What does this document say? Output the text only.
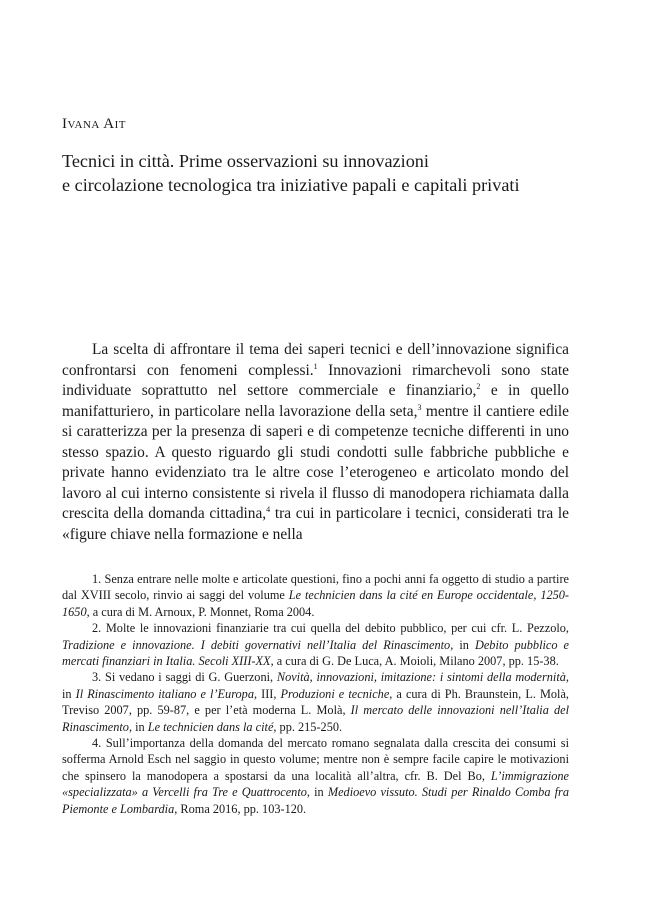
Ivana Ait

Tecnici in città. Prime osservazioni su innovazioni
e circolazione tecnologica tra iniziative papali e capitali privati

La scelta di affrontare il tema dei saperi tecnici e dell’innovazione significa confrontarsi con fenomeni complessi.$^1$ Innovazioni rimarchevoli sono state individuate soprattutto nel settore commerciale e finanziario,$^2$ e in quello manifatturiero, in particolare nella lavorazione della seta,$^3$ mentre il cantiere edile si caratterizza per la presenza di saperi e di competenze tecniche differenti in uno stesso spazio. A questo riguardo gli studi condotti sulle fabbriche pubbliche e private hanno evidenziato tra le altre cose l’eterogeneo e articolato mondo del lavoro al cui interno consistente si rivela il flusso di manodopera richiamata dalla crescita della domanda cittadina,$^4$ tra cui in particolare i tecnici, considerati tra le «figure chiave nella formazione e nella

1. Senza entrare nelle molte e articolate questioni, fino a pochi anni fa oggetto di studio a partire dal XVIII secolo, rinvio ai saggi del volume Le technicien dans la cité en Europe occidentale, 1250-1650, a cura di M. Arnoux, P. Monnet, Roma 2004.

2. Molte le innovazioni finanziarie tra cui quella del debito pubblico, per cui cfr. L. Pezzolo, Tradizione e innovazione. I debiti governativi nell’Italia del Rinascimento, in Debito pubblico e mercati finanziari in Italia. Secoli XIII-XX, a cura di G. De Luca, A. Moioli, Milano 2007, pp. 15-38.

3. Si vedano i saggi di G. Guerzoni, Novità, innovazioni, imitazione: i sintomi della modernità, in Il Rinascimento italiano e l’Europa, III, Produzioni e tecniche, a cura di Ph. Braunstein, L. Molà, Treviso 2007, pp. 59-87, e per l’età moderna L. Molà, Il mercato delle innovazioni nell’Italia del Rinascimento, in Le technicien dans la cité, pp. 215-250.

4. Sull’importanza della domanda del mercato romano segnalata dalla crescita dei consumi si sofferma Arnold Esch nel saggio in questo volume; mentre non è sempre facile capire le motivazioni che spinsero la manodopera a spostarsi da una località all’altra, cfr. B. Del Bo, L’immigrazione «specializzata» a Vercelli fra Tre e Quattrocento, in Medioevo vissuto. Studi per Rinaldo Comba fra Piemonte e Lombardia, Roma 2016, pp. 103-120.
